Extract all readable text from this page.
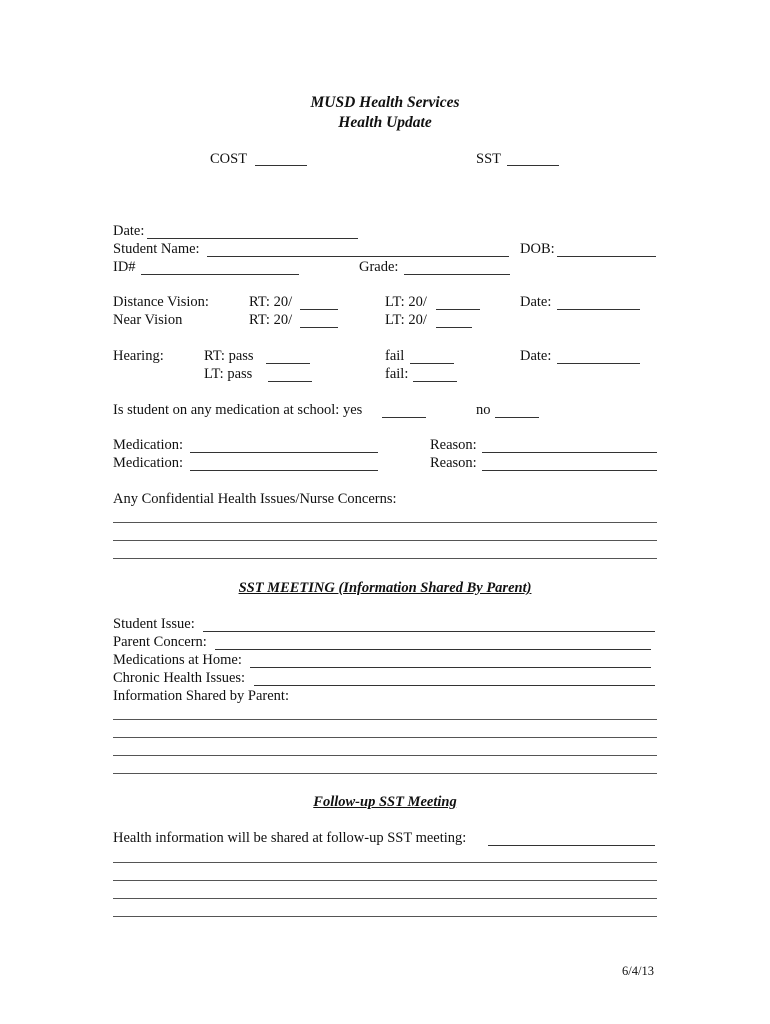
MUSD Health Services
Health Update
COST	SST
Date:
Student Name:	DOB:
ID#	Grade:
Distance Vision:	RT: 20/	LT: 20/	Date:
Near Vision	RT: 20/	LT: 20/
Hearing:	RT: pass	fail	Date:
LT: pass	fail:
Is student on any medication at school: yes	no
Medication:	Reason:
Medication:	Reason:
Any Confidential Health Issues/Nurse Concerns:
SST MEETING (Information Shared By Parent)
Student Issue:
Parent Concern:
Medications at Home:
Chronic Health Issues:
Information Shared by Parent:
Follow-up SST Meeting
Health information will be shared at follow-up SST meeting:
6/4/13
